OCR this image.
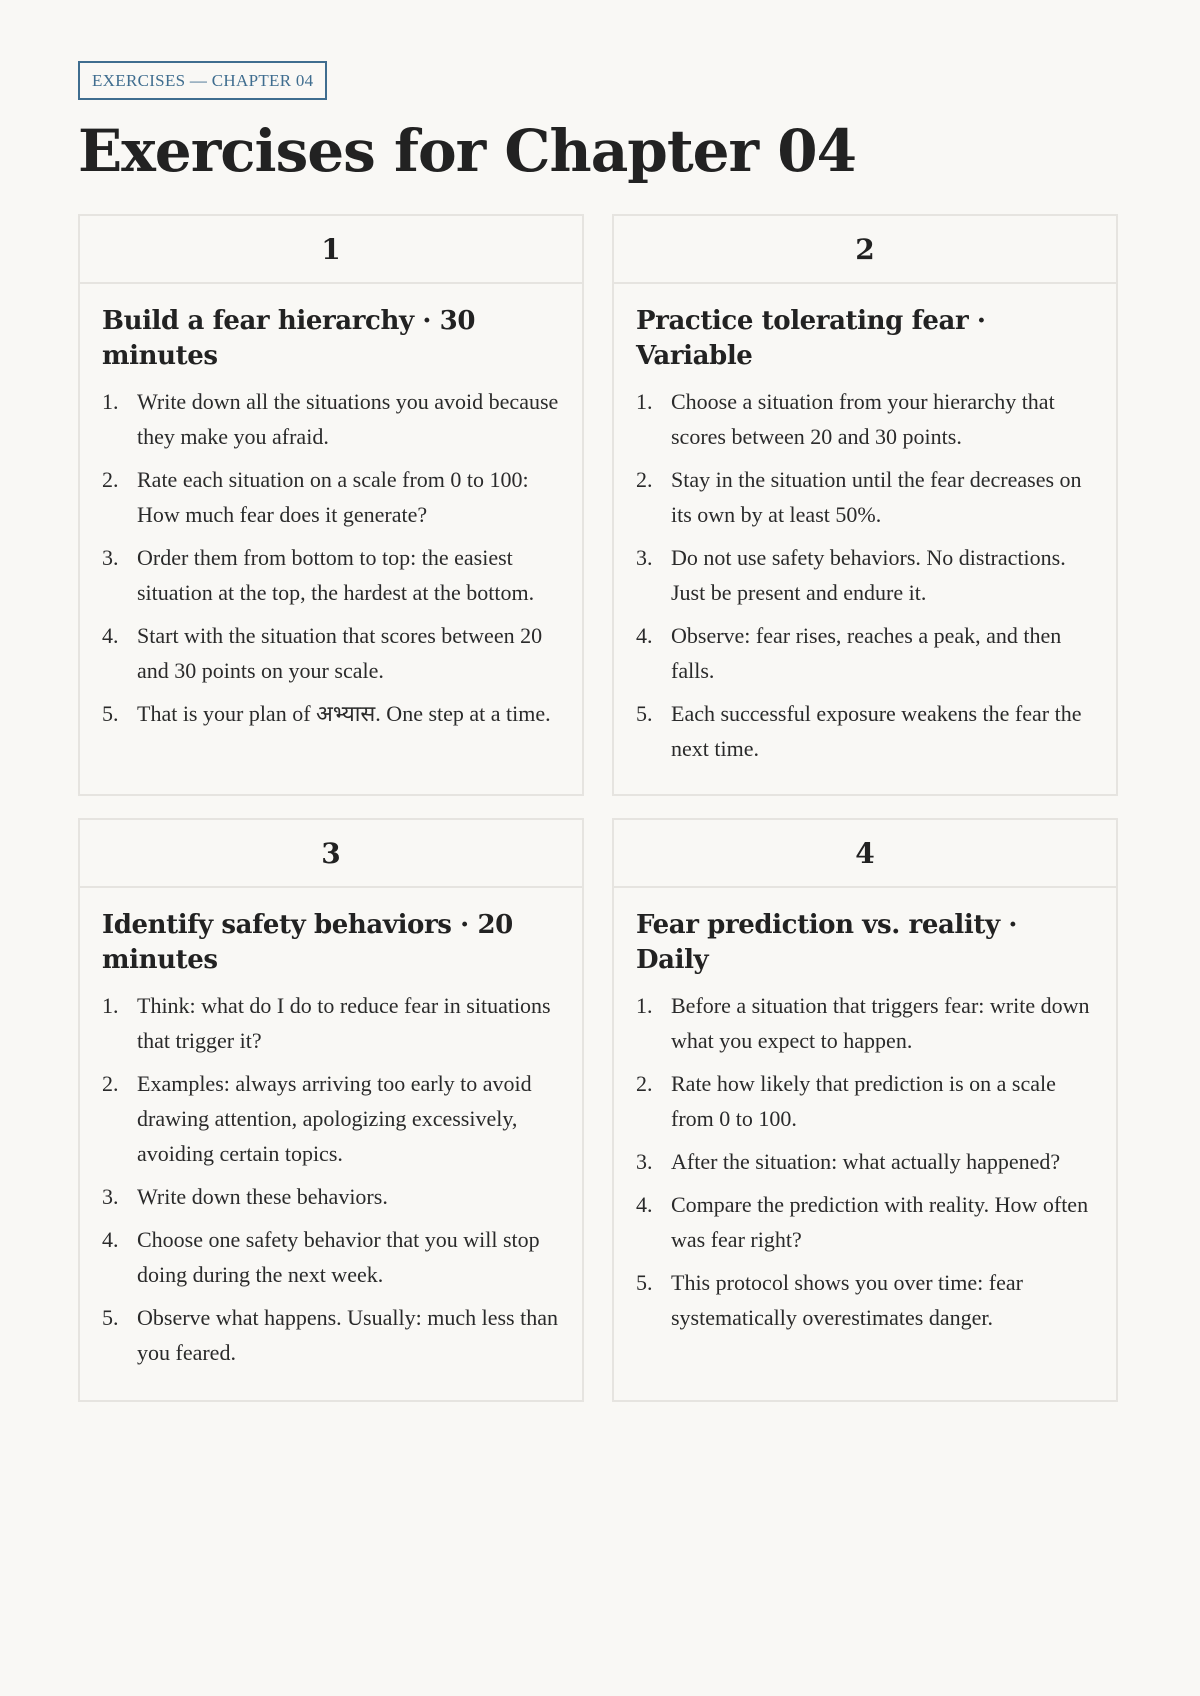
EXERCISES — CHAPTER 04
Exercises for Chapter 04
1
Build a fear hierarchy · 30 minutes
1. Write down all the situations you avoid because they make you afraid.
2. Rate each situation on a scale from 0 to 100: How much fear does it generate?
3. Order them from bottom to top: the easiest situation at the top, the hardest at the bottom.
4. Start with the situation that scores between 20 and 30 points on your scale.
5. That is your plan of अभ्यास. One step at a time.
2
Practice tolerating fear · Variable
1. Choose a situation from your hierarchy that scores between 20 and 30 points.
2. Stay in the situation until the fear decreases on its own by at least 50%.
3. Do not use safety behaviors. No distractions. Just be present and endure it.
4. Observe: fear rises, reaches a peak, and then falls.
5. Each successful exposure weakens the fear the next time.
3
Identify safety behaviors · 20 minutes
1. Think: what do I do to reduce fear in situations that trigger it?
2. Examples: always arriving too early to avoid drawing attention, apologizing excessively, avoiding certain topics.
3. Write down these behaviors.
4. Choose one safety behavior that you will stop doing during the next week.
5. Observe what happens. Usually: much less than you feared.
4
Fear prediction vs. reality · Daily
1. Before a situation that triggers fear: write down what you expect to happen.
2. Rate how likely that prediction is on a scale from 0 to 100.
3. After the situation: what actually happened?
4. Compare the prediction with reality. How often was fear right?
5. This protocol shows you over time: fear systematically overestimates danger.
